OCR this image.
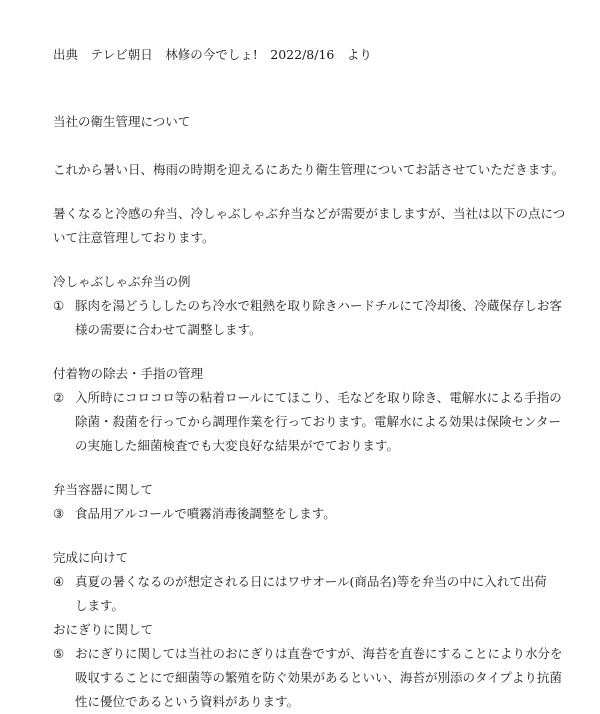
出典　テレビ朝日　林修の今でしょ!　2022/8/16　より
当社の衛生管理について
これから暑い日、梅雨の時期を迎えるにあたり衛生管理についてお話させていただきます。
暑くなると冷感の弁当、冷しゃぶしゃぶ弁当などが需要がましますが、当社は以下の点につ
いて注意管理しております。
冷しゃぶしゃぶ弁当の例
① 豚肉を湯どうししたのち冷水で粗熱を取り除きハードチルにて冷却後、冷蔵保存しお客
様の需要に合わせて調整します。
付着物の除去・手指の管理
② 入所時にコロコロ等の粘着ロールにてほこり、毛などを取り除き、電解水による手指の
除菌・殺菌を行ってから調理作業を行っております。電解水による効果は保険センター
の実施した細菌検査でも大変良好な結果がでております。
弁当容器に関して
③ 食品用アルコールで噴霧消毒後調整をします。
完成に向けて
④ 真夏の暑くなるのが想定される日にはワサオール(商品名)等を弁当の中に入れて出荷
します。
おにぎりに関して
⑤ おにぎりに関しては当社のおにぎりは直巻ですが、海苔を直巻にすることにより水分を
吸収することにで細菌等の繁殖を防ぐ効果があるといい、海苔が別添のタイプより抗菌
性に優位であるという資料があります。
